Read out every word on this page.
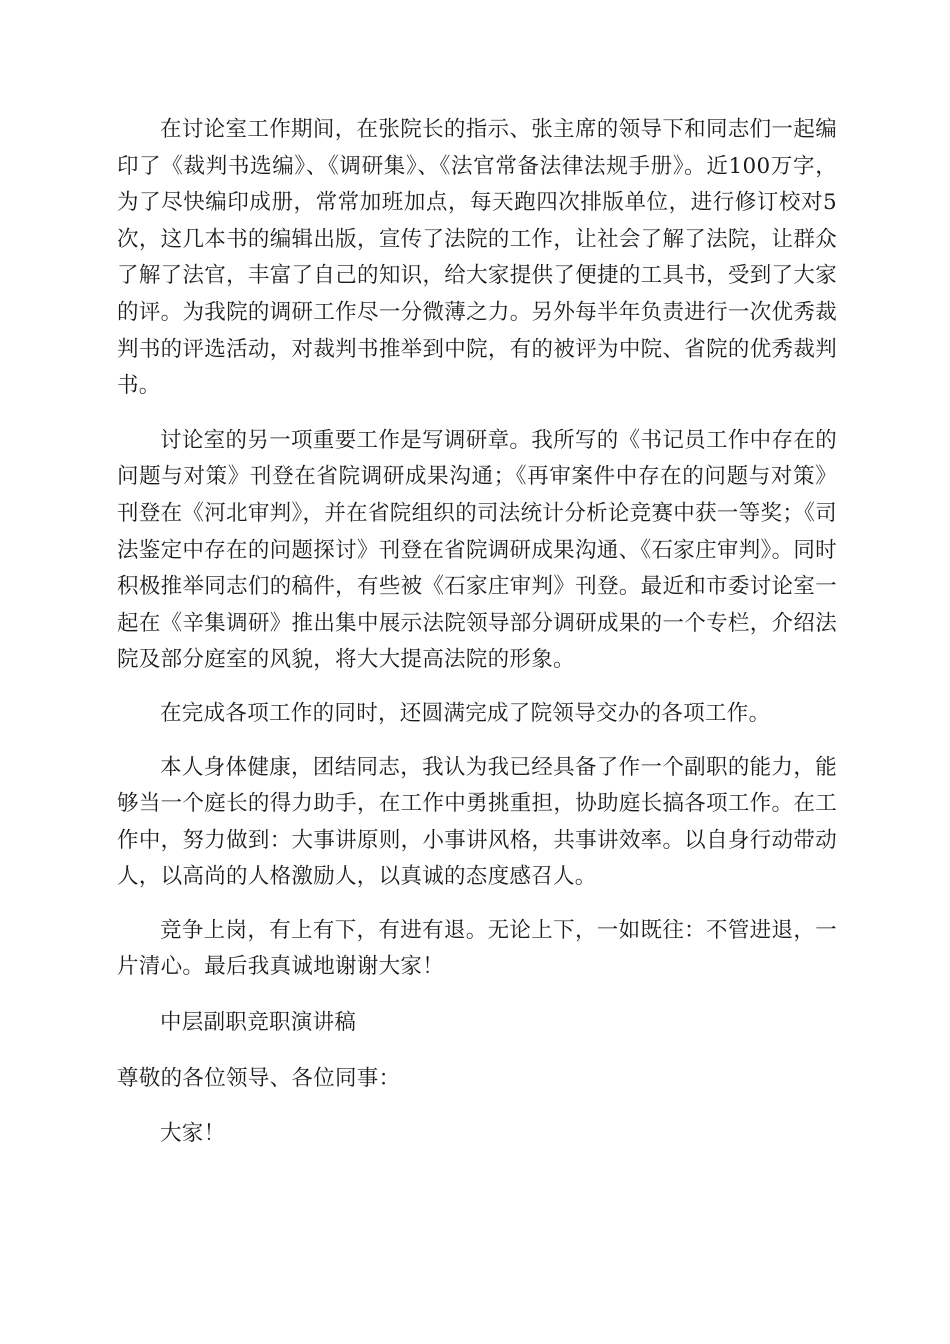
在讨论室工作期间，在张院长的指示、张主席的领导下和同志们一起编印了《裁判书选编》、《调研集》、《法官常备法律法规手册》。近100万字，为了尽快编印成册，常常加班加点，每天跑四次排版单位，进行修订校对5次，这几本书的编辑出版，宣传了法院的工作，让社会了解了法院，让群众了解了法官，丰富了自己的知识，给大家提供了便捷的工具书，受到了大家的评。为我院的调研工作尽一分微薄之力。另外每半年负责进行一次优秀裁判书的评选活动，对裁判书推举到中院，有的被评为中院、省院的优秀裁判书。

讨论室的另一项重要工作是写调研章。我所写的《书记员工作中存在的问题与对策》刊登在省院调研成果沟通；《再审案件中存在的问题与对策》刊登在《河北审判》，并在省院组织的司法统计分析论竞赛中获一等奖；《司法鉴定中存在的问题探讨》刊登在省院调研成果沟通、《石家庄审判》。同时积极推举同志们的稿件，有些被《石家庄审判》刊登。最近和市委讨论室一起在《辛集调研》推出集中展示法院领导部分调研成果的一个专栏，介绍法院及部分庭室的风貌，将大大提高法院的形象。

在完成各项工作的同时，还圆满完成了院领导交办的各项工作。

本人身体健康，团结同志，我认为我已经具备了作一个副职的能力，能够当一个庭长的得力助手，在工作中勇挑重担，协助庭长搞各项工作。在工作中，努力做到：大事讲原则，小事讲风格，共事讲效率。以自身行动带动人，以高尚的人格激励人，以真诚的态度感召人。

竞争上岗，有上有下，有进有退。无论上下，一如既往：不管进退，一片清心。最后我真诚地谢谢大家！

中层副职竞职演讲稿

尊敬的各位领导、各位同事：

大家！
